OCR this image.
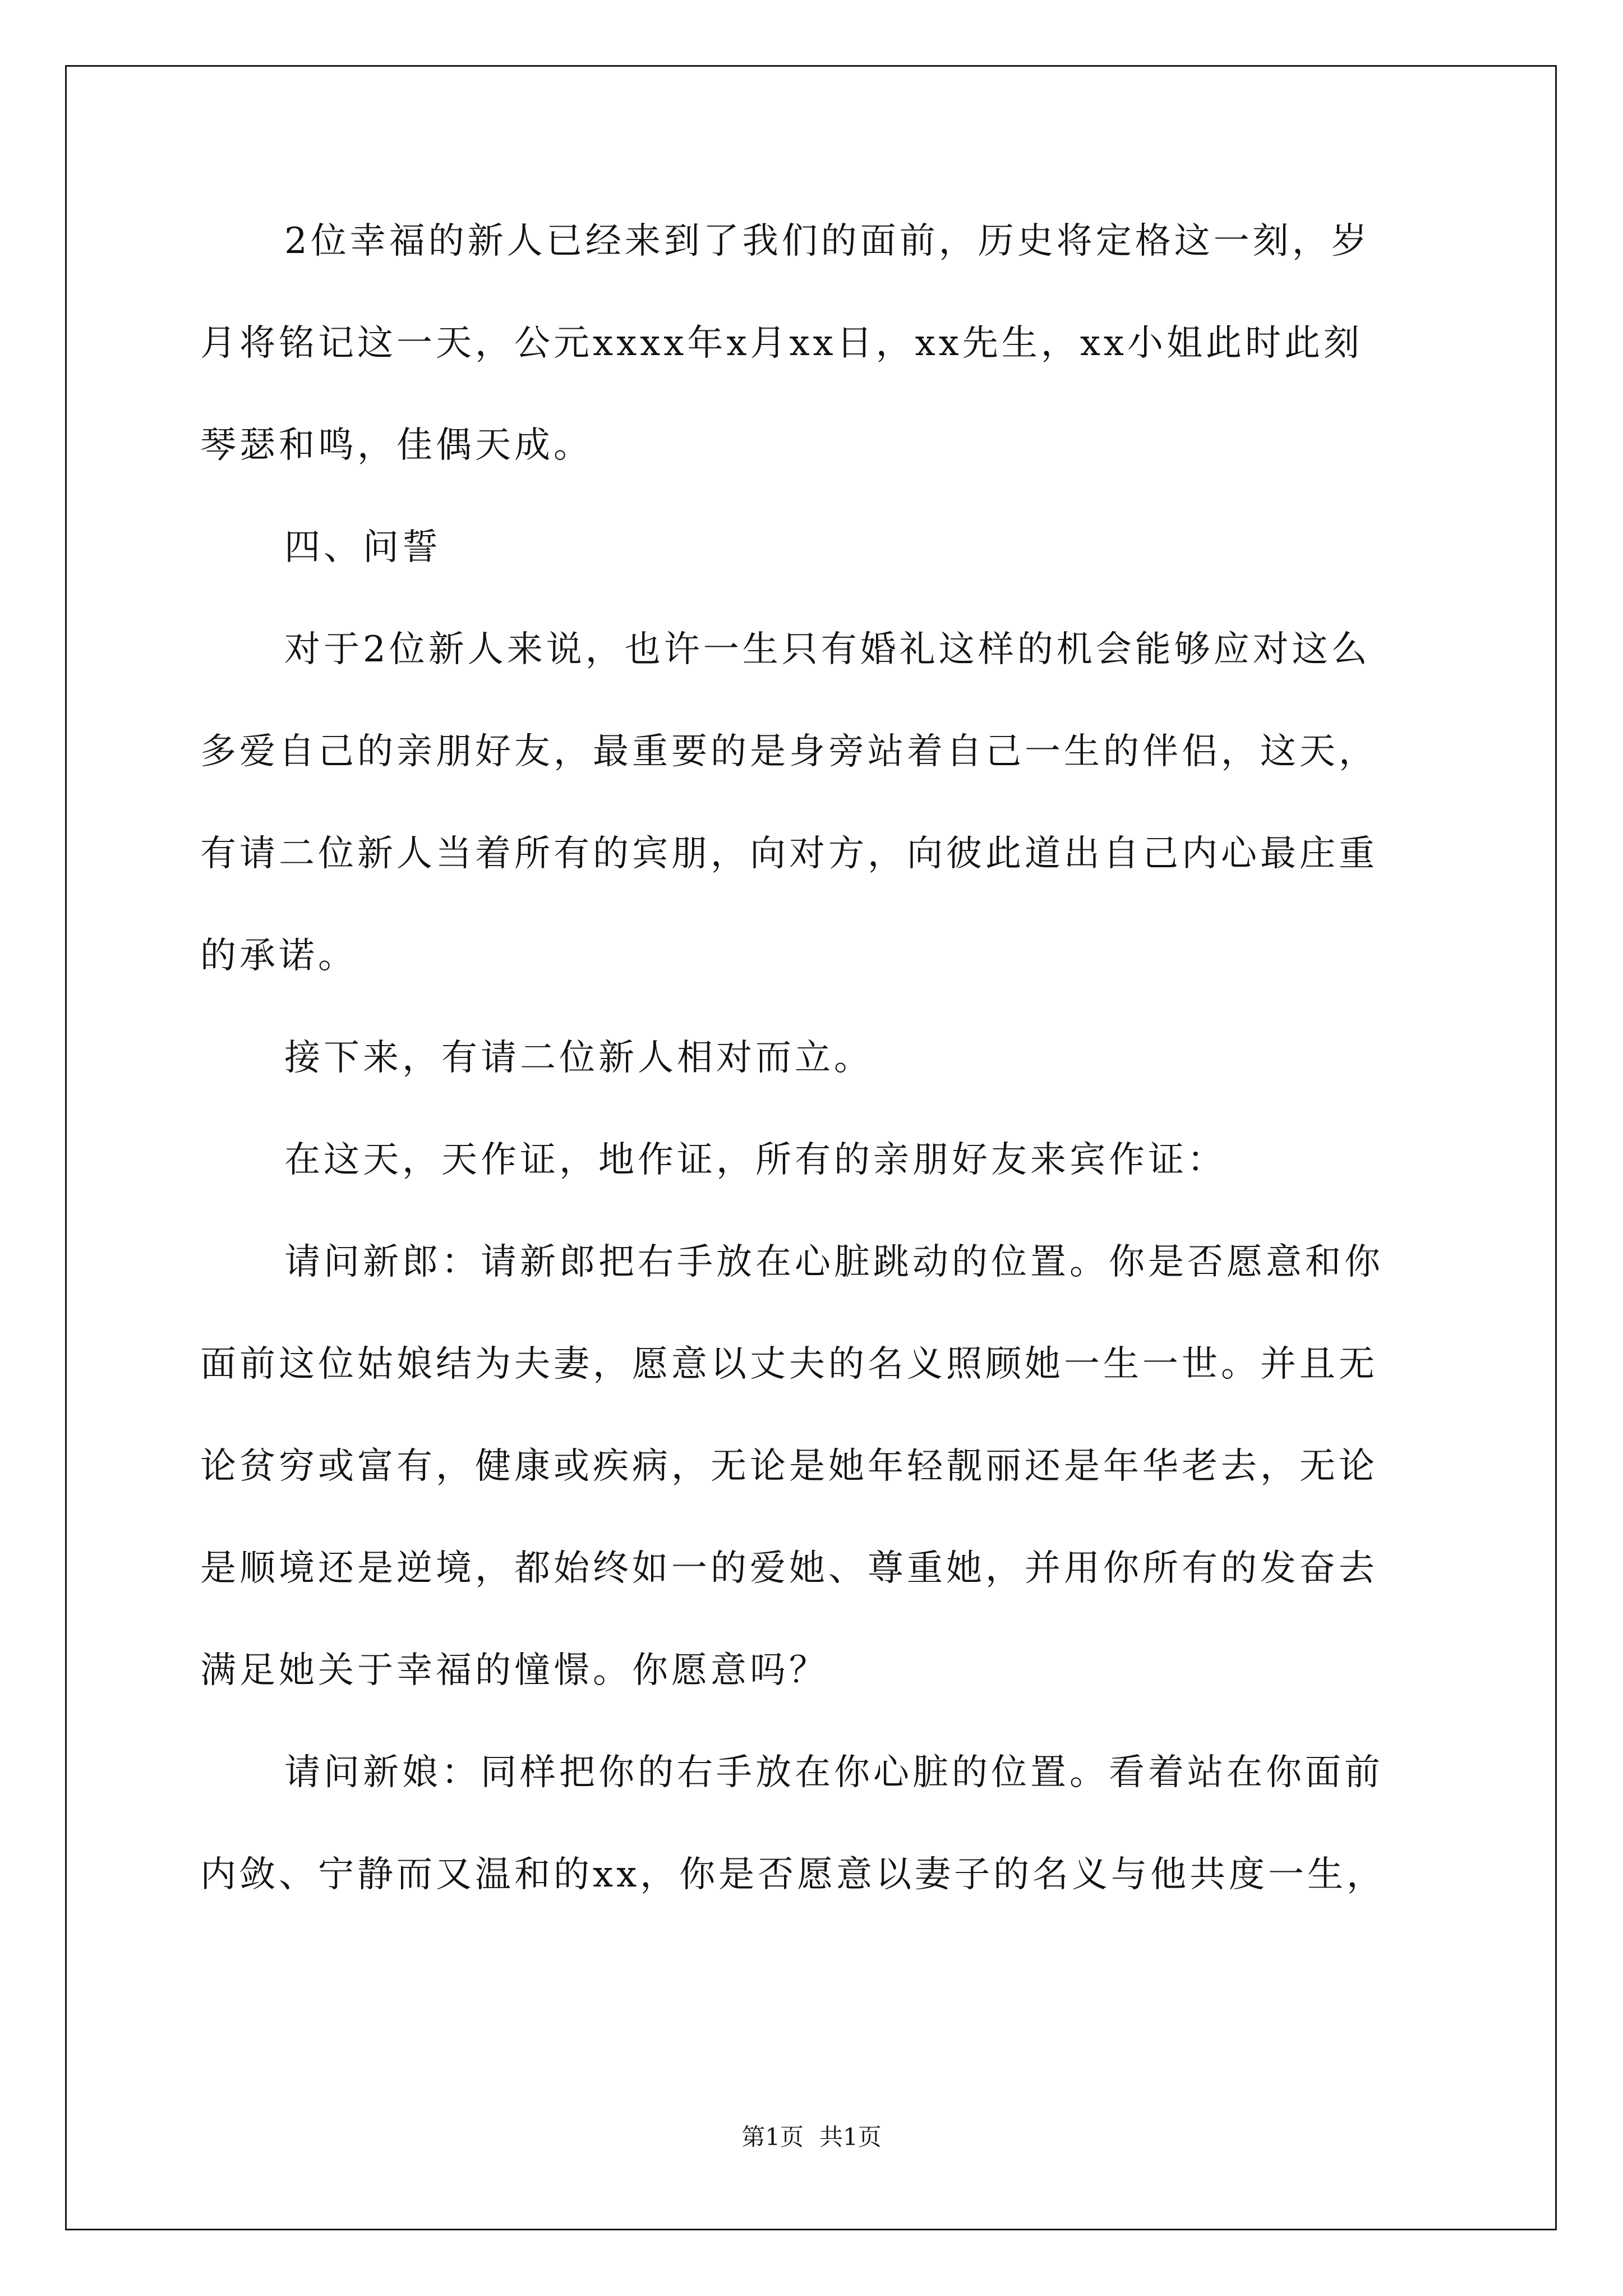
2位幸福的新人已经来到了我们的面前，历史将定格这一刻，岁
月将铭记这一天，公元xxxx年x月xx日，xx先生，xx小姐此时此刻
琴瑟和鸣，佳偶天成。
四、问誓
对于2位新人来说，也许一生只有婚礼这样的机会能够应对这么
多爱自己的亲朋好友，最重要的是身旁站着自己一生的伴侣，这天，
有请二位新人当着所有的宾朋，向对方，向彼此道出自己内心最庄重
的承诺。
接下来，有请二位新人相对而立。
在这天，天作证，地作证，所有的亲朋好友来宾作证：
请问新郎：请新郎把右手放在心脏跳动的位置。你是否愿意和你
面前这位姑娘结为夫妻，愿意以丈夫的名义照顾她一生一世。并且无
论贫穷或富有，健康或疾病，无论是她年轻靓丽还是年华老去，无论
是顺境还是逆境，都始终如一的爱她、尊重她，并用你所有的发奋去
满足她关于幸福的憧憬。你愿意吗？
请问新娘：同样把你的右手放在你心脏的位置。看着站在你面前
内敛、宁静而又温和的xx，你是否愿意以妻子的名义与他共度一生，
第1页 共1页
